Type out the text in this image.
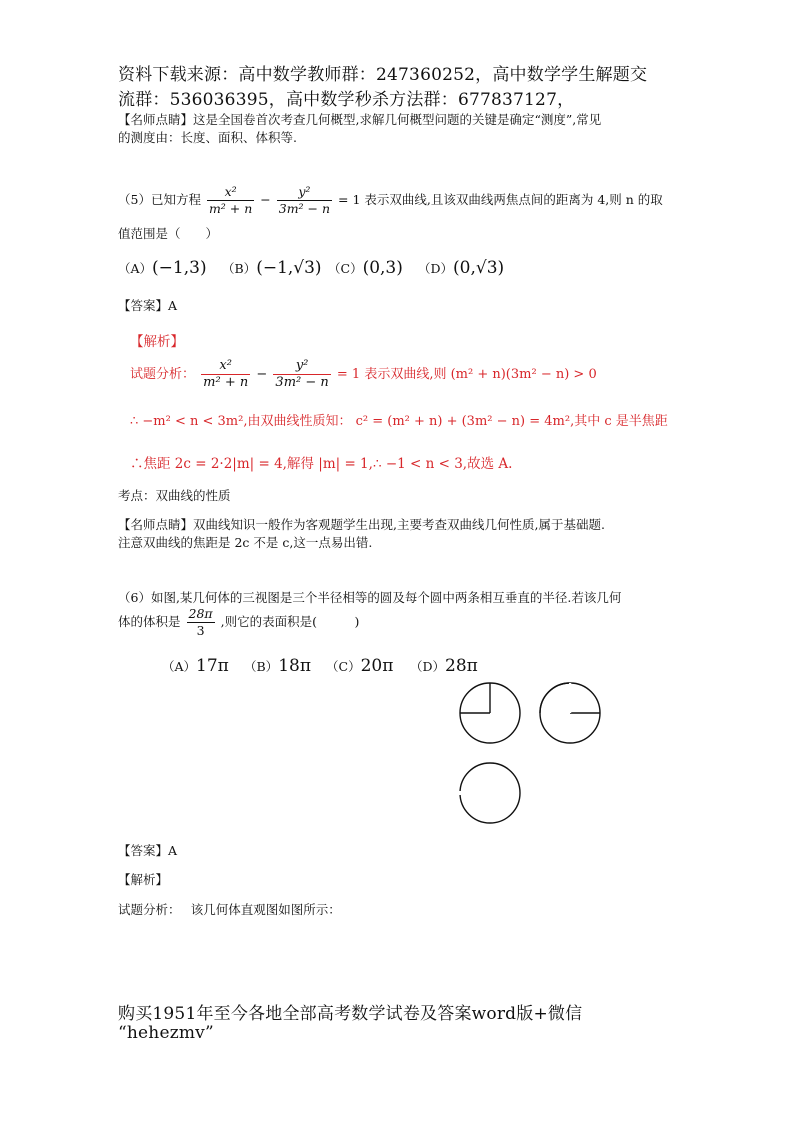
资料下载来源：高中数学教师群：247360252，高中数学学生解题交
流群：536036395，高中数学秒杀方法群：677837127，
【名师点睛】这是全国卷首次考查几何概型,求解几何概型问题的关键是确定“测度”,常见
的测度由：长度、面积、体积等.
（5）已知方程 $\frac{\text{x²}}{\text{m² + n}} - \frac{\text{y²}}{\text{3m² − n}} = 1$ 表示双曲线,且该双曲线两焦点间的距离为 4,则 n 的取
值范围是（　　）
（A）(−1,3) （B）(−1,√3) （C）(0,3) （D）(0,√3)
【答案】A
【解析】
试题分析： $\frac{\text{x²}}{\text{m² + n}} - \frac{\text{y²}}{\text{3m² − n}} = 1$ 表示双曲线,则 (m² + n)(3m² − n) > 0
∴ −m² < n < 3m²,由双曲线性质知： c² = (m² + n) + (3m² − n) = 4m²,其中 c 是半焦距
∴焦距 2c = 2·2|m| = 4,解得 |m| = 1,∴ −1 < n < 3,故选 A.
考点：双曲线的性质
【名师点睛】双曲线知识一般作为客观题学生出现,主要考查双曲线几何性质,属于基础题.
注意双曲线的焦距是 2c 不是 c,这一点易出错.
（6）如图,某几何体的三视图是三个半径相等的圆及每个圆中两条相互垂直的半径.若该几何
体的体积是 $\frac{28\pi}{3}$ ,则它的表面积是(　　　)
（A）17π （B）18π （C）20π （D）28π
【答案】A
【解析】
试题分析：　 该几何体直观图如图所示：
购买1951年至今各地全部高考数学试卷及答案word版+微信
“hehezmv”
